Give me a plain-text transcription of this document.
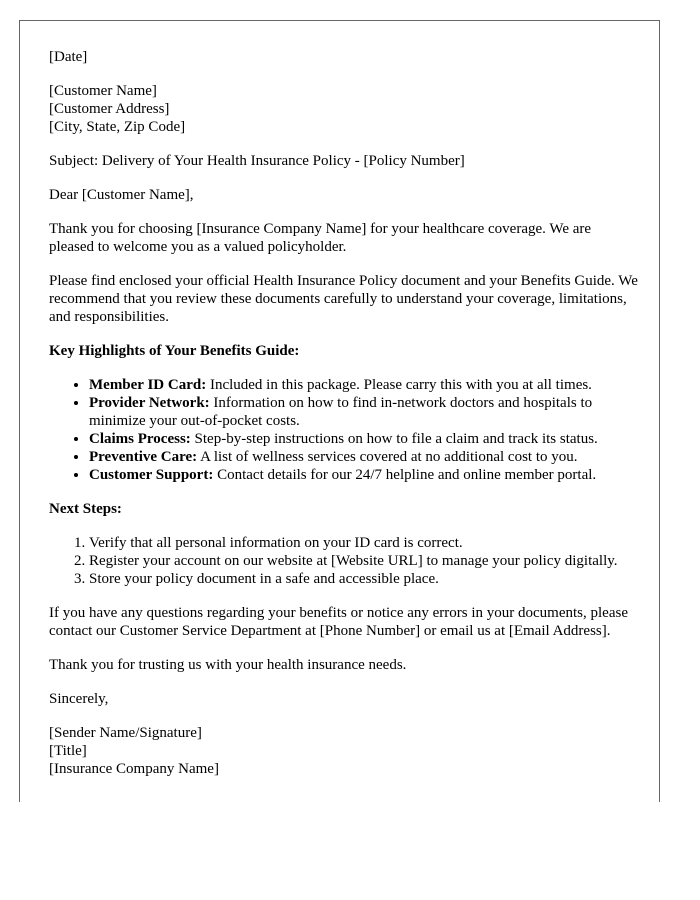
[Date]

[Customer Name]
[Customer Address]
[City, State, Zip Code]

Subject: Delivery of Your Health Insurance Policy - [Policy Number]

Dear [Customer Name],

Thank you for choosing [Insurance Company Name] for your healthcare coverage. We are pleased to welcome you as a valued policyholder.

Please find enclosed your official Health Insurance Policy document and your Benefits Guide. We recommend that you review these documents carefully to understand your coverage, limitations, and responsibilities.

Key Highlights of Your Benefits Guide:
• Member ID Card: Included in this package. Please carry this with you at all times.
• Provider Network: Information on how to find in-network doctors and hospitals to minimize your out-of-pocket costs.
• Claims Process: Step-by-step instructions on how to file a claim and track its status.
• Preventive Care: A list of wellness services covered at no additional cost to you.
• Customer Support: Contact details for our 24/7 helpline and online member portal.
Next Steps:
1. Verify that all personal information on your ID card is correct.
2. Register your account on our website at [Website URL] to manage your policy digitally.
3. Store your policy document in a safe and accessible place.

If you have any questions regarding your benefits or notice any errors in your documents, please contact our Customer Service Department at [Phone Number] or email us at [Email Address].

Thank you for trusting us with your health insurance needs.

Sincerely,

[Sender Name/Signature]
[Title]
[Insurance Company Name]
